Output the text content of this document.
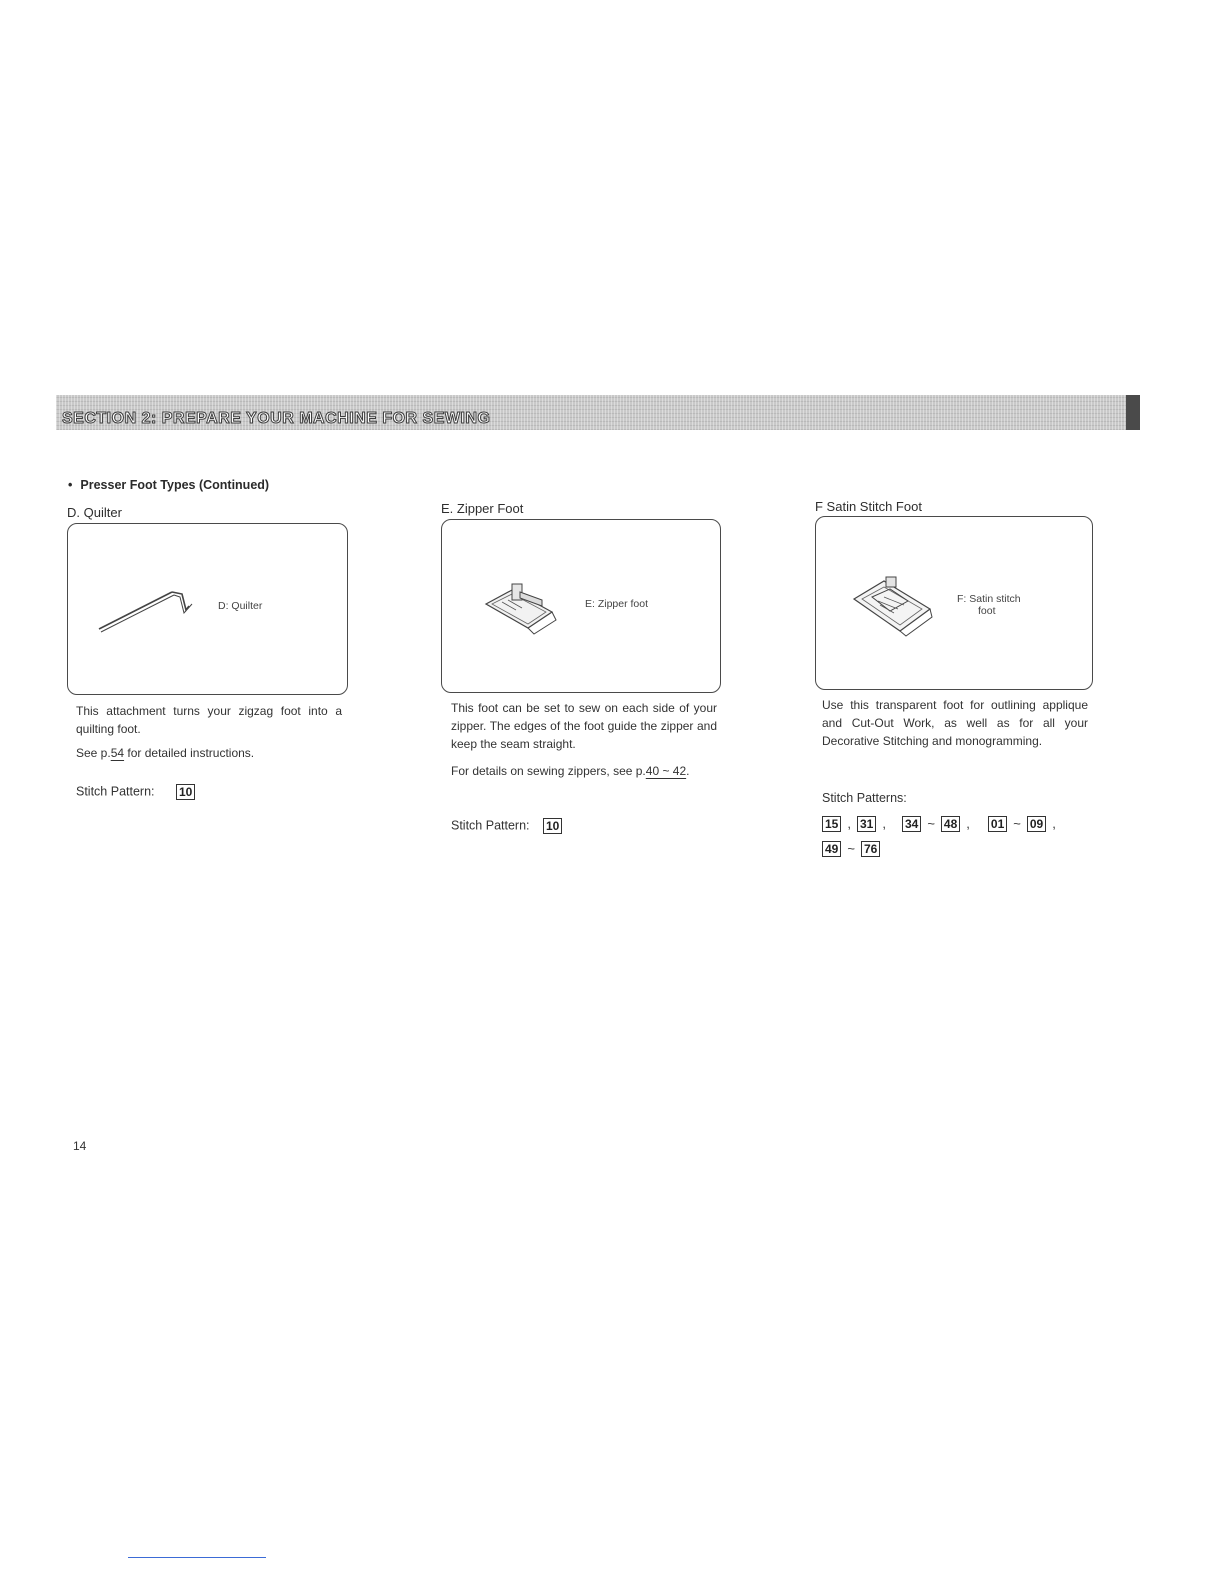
SECTION 2: PREPARE YOUR MACHINE FOR SEWING
• Presser Foot Types (Continued)
D. Quilter
D: Quilter
This attachment turns your zigzag foot into a quilting foot.
See p.54 for detailed instructions.
Stitch Pattern: 10
E. Zipper Foot
E: Zipper foot
This foot can be set to sew on each side of your zipper. The edges of the foot guide the zipper and keep the seam straight.
For details on sewing zippers, see p.40 ~ 42.
Stitch Pattern: 10
F Satin Stitch Foot
F: Satin stitch
foot
Use this transparent foot for outlining applique and Cut-Out Work, as well as for all your Decorative Stitching and monogramming.
Stitch Patterns:
15 , 31 , 34 ~ 48 , 01 ~ 09 ,
49 ~ 76
14
